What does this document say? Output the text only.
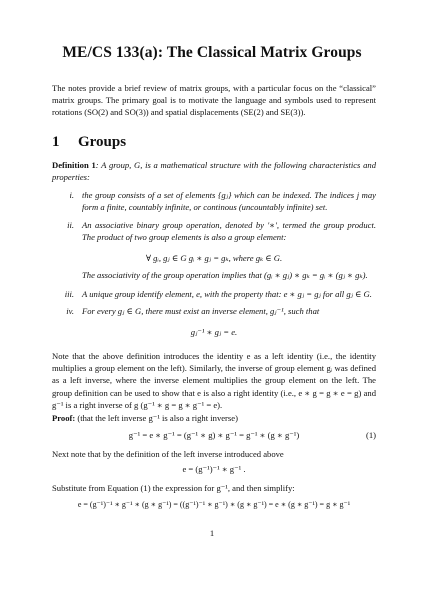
ME/CS 133(a): The Classical Matrix Groups
The notes provide a brief review of matrix groups, with a particular focus on the “classical” matrix groups. The primary goal is to motivate the language and symbols used to represent rotations (SO(2) and SO(3)) and spatial displacements (SE(2) and SE(3)).
1 Groups
Definition 1: A group, G, is a mathematical structure with the following characteristics and properties:
i. the group consists of a set of elements {gⱼ} which can be indexed. The indices j may form a finite, countably infinite, or continous (uncountably infinite) set.
ii. An associative binary group operation, denoted by '∗', termed the group product. The product of two group elements is also a group element:
∀ gᵢ, gⱼ ∈ G gᵢ ∗ gⱼ = gₖ, where gₖ ∈ G.
The associativity of the group operation implies that (gᵢ ∗ gⱼ) ∗ gₖ = gᵢ ∗ (gⱼ ∗ gₖ).
iii. A unique group identify element, e, with the property that: e ∗ gⱼ = gⱼ for all gⱼ ∈ G.
iv. For every gⱼ ∈ G, there must exist an inverse element, gⱼ⁻¹, such that
gⱼ⁻¹ ∗ gⱼ = e.
Note that the above definition introduces the identity e as a left identity (i.e., the identity multiplies a group element on the left). Similarly, the inverse of group element gᵢ was defined as a left inverse, where the inverse element multiplies the group element on the left. The group definition can be used to show that e is also a right identity (i.e., e ∗ g = g ∗ e = g) and g⁻¹ is a right inverse of g (g⁻¹ ∗ g = g ∗ g⁻¹ = e).
Proof: (that the left inverse g⁻¹ is also a right inverse)
g⁻¹ = e ∗ g⁻¹ = (g⁻¹ ∗ g) ∗ g⁻¹ = g⁻¹ ∗ (g ∗ g⁻¹)	(1)
Next note that by the definition of the left inverse introduced above
e = (g⁻¹)⁻¹ ∗ g⁻¹ .
Substitute from Equation (1) the expression for g⁻¹, and then simplify:
e = (g⁻¹)⁻¹ ∗ g⁻¹ ∗ (g ∗ g⁻¹) = ((g⁻¹)⁻¹ ∗ g⁻¹) ∗ (g ∗ g⁻¹) = e ∗ (g ∗ g⁻¹) = g ∗ g⁻¹
1
